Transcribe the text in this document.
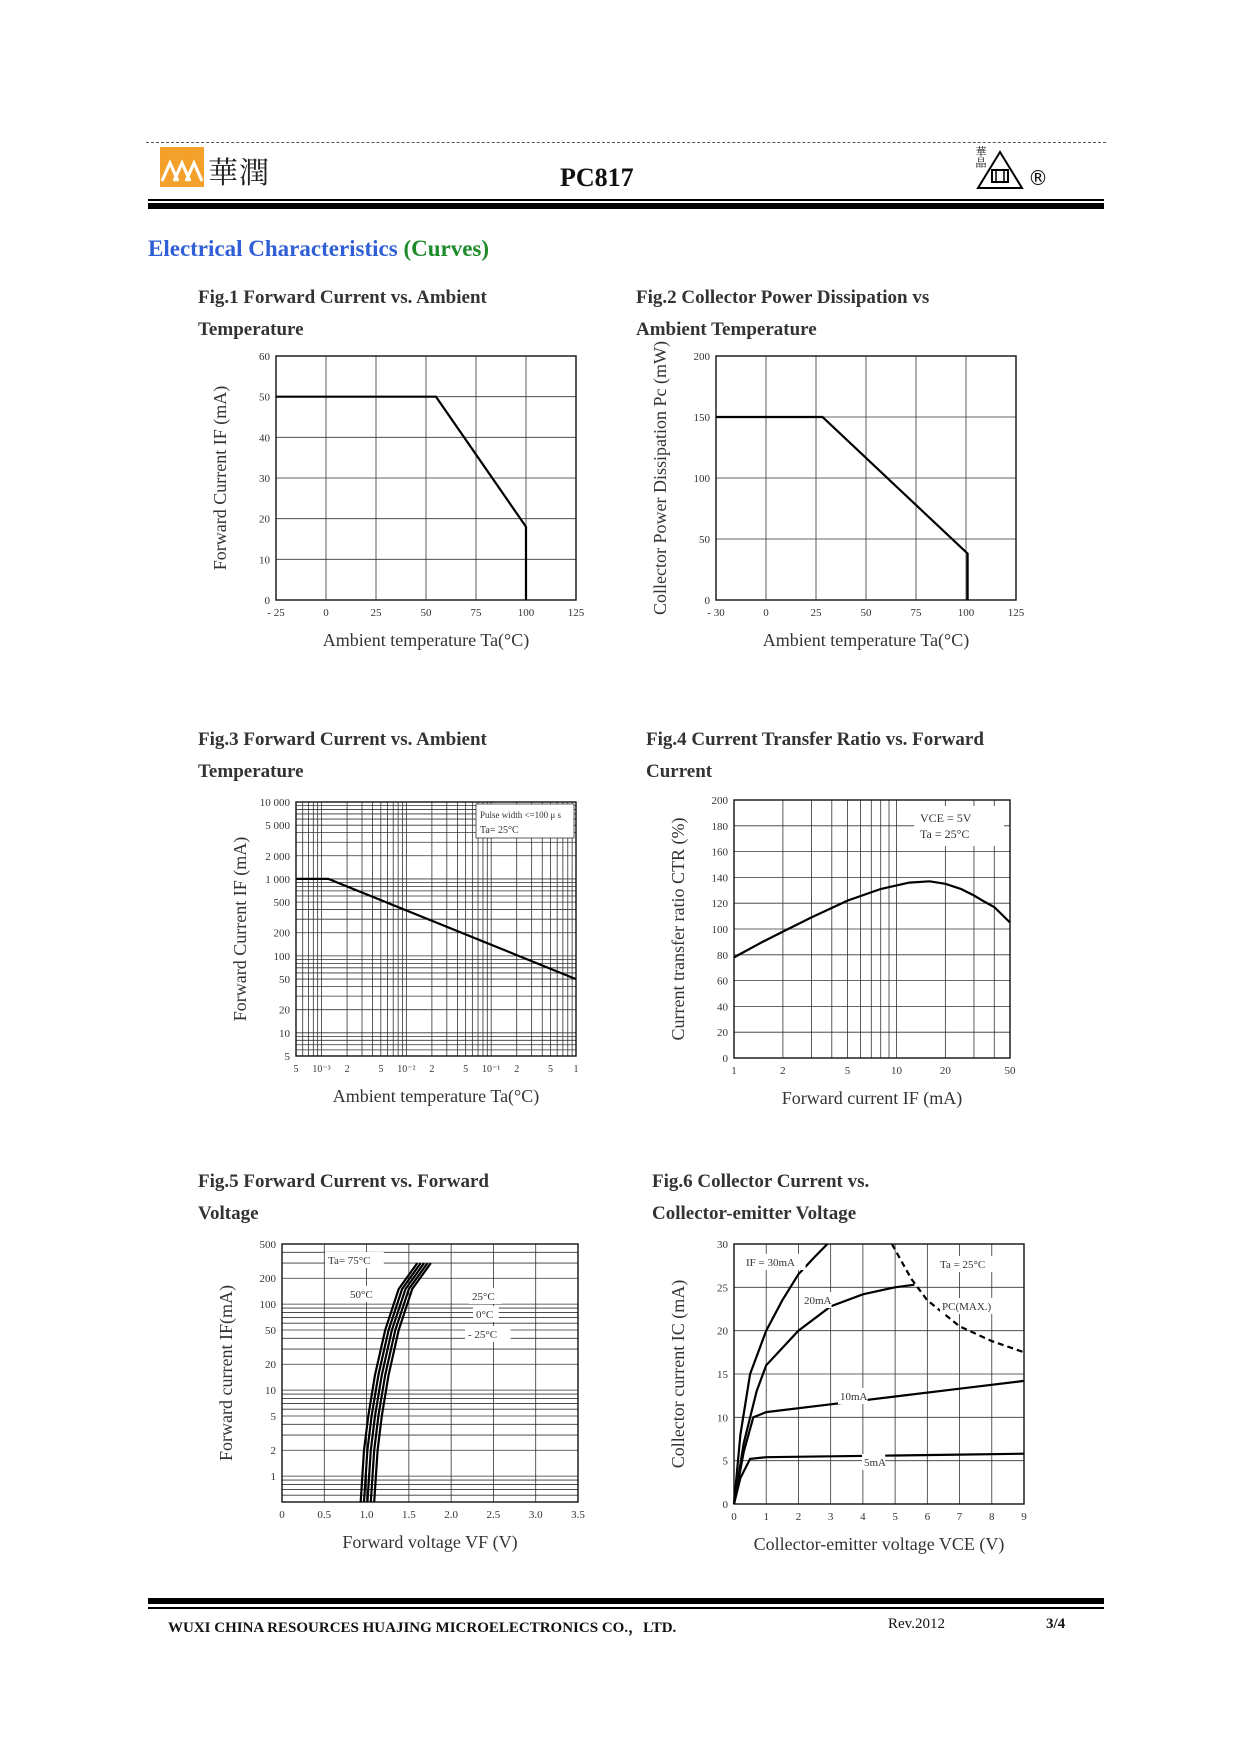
華潤	PC817
華晶
®
Electrical Characteristics (Curves)
Fig.1 Forward Current vs. Ambient
Temperature
Fig.2 Collector Power Dissipation vs
Ambient Temperature
Fig.3 Forward Current vs. Ambient
Temperature
Fig.4 Current Transfer Ratio vs. Forward
Current
Fig.5 Forward Current vs. Forward
Voltage
Fig.6 Collector Current vs.
Collector-emitter Voltage
0
10
20
30
40
50
60
- 25	0	25	50	75	100	125
Ambient temperature Ta(°C)
Forward Current IF (mA)
0
50
100
150
200
- 30	0	25	50	75	100	125
Ambient temperature Ta(°C)
Collector Power Dissipation Pc (mW)
5
10
20
50
100
200
500
1 000
2 000
5 000
10 000
5 10⁻³ 2	5 10⁻² 2	5 10⁻¹ 2	5 1
Ambient temperature Ta(°C)
Forward Current IF (mA)
Pulse width <=100 μ s
Ta= 25°C
0
20
40
60
80
100
120
140
160
180
200
1	2	5	10	20	50
Forward current IF (mA)
Current transfer ratio CTR (%)	VCE = 5V
Ta = 25°C
1
2
5
10
20
50
100
200
500
0	0.5	1.0	1.5	2.0	2.5	3.0	3.5
Forward voltage VF (V)
Forward current IF(mA)
Ta= 75°C
50°C	25°C
0°C
- 25°C
0
5
10
15
20
25
30
0 1 2 3 4 5 6 7 8 9
Collector-emitter voltage VCE (V)
Collector current IC (mA)
IF = 30mA
20mA
10mA
5mA
Ta = 25°C
PC(MAX.)
WUXI CHINA RESOURCES HUAJING MICROELECTRONICS CO.，LTD.	Rev.2012	3/4
